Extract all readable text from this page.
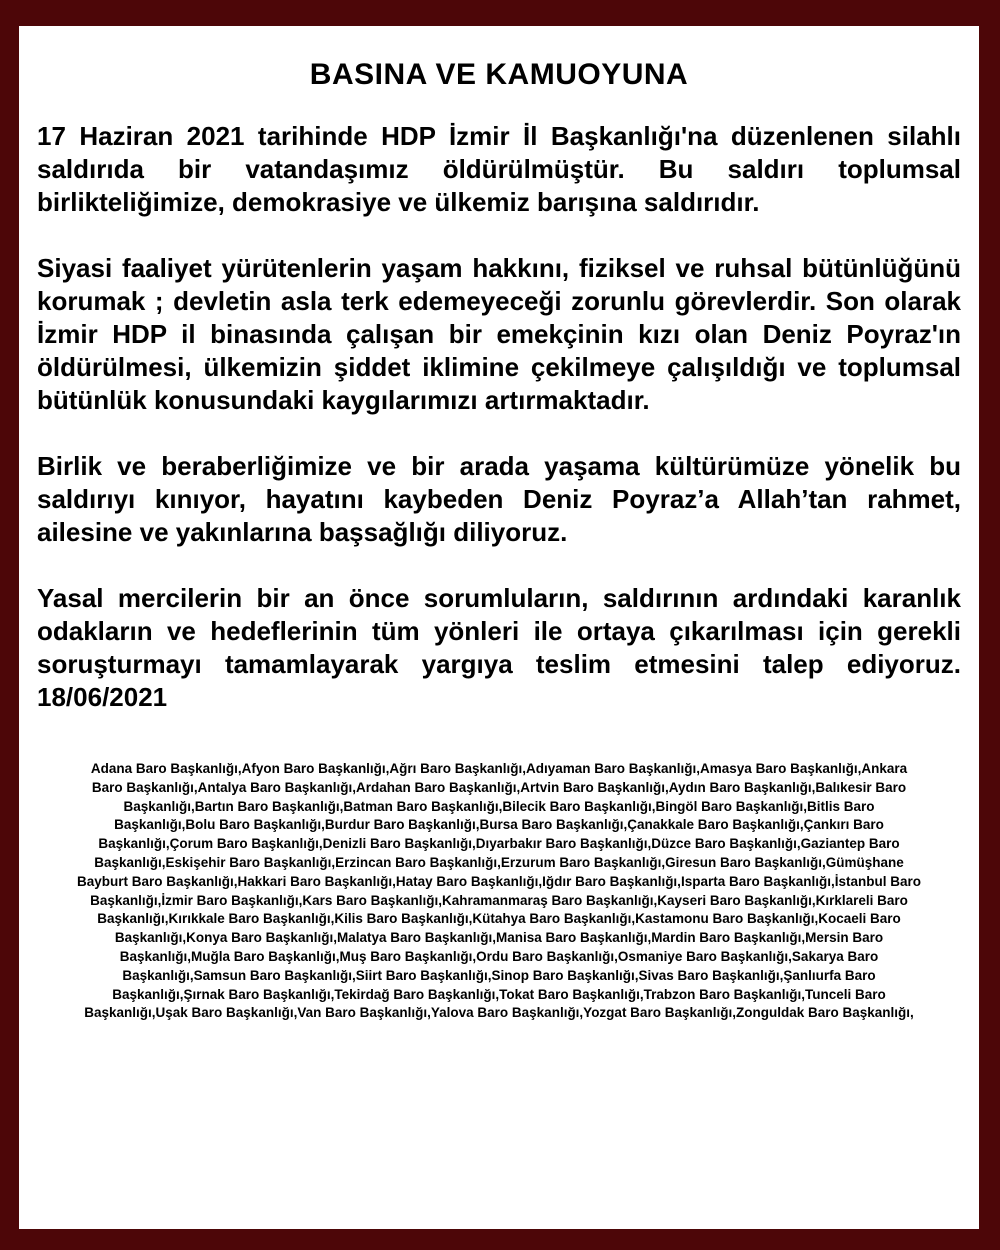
BASINA VE KAMUOYUNA

17 Haziran 2021 tarihinde HDP İzmir İl Başkanlığı'na düzenlenen silahlı saldırıda bir vatandaşımız öldürülmüştür. Bu saldırı toplumsal birlikteliğimize, demokrasiye ve ülkemiz barışına saldırıdır.

Siyasi faaliyet yürütenlerin yaşam hakkını, fiziksel ve ruhsal bütünlüğünü korumak ; devletin asla terk edemeyeceği zorunlu görevlerdir. Son olarak İzmir HDP il binasında çalışan bir emekçinin kızı olan Deniz Poyraz'ın öldürülmesi, ülkemizin şiddet iklimine çekilmeye çalışıldığı ve toplumsal bütünlük konusundaki kaygılarımızı artırmaktadır.

Birlik ve beraberliğimize ve bir arada yaşama kültürümüze yönelik bu saldırıyı kınıyor, hayatını kaybeden Deniz Poyraz’a Allah’tan rahmet, ailesine ve yakınlarına başsağlığı diliyoruz.

Yasal mercilerin bir an önce sorumluların, saldırının ardındaki karanlık odakların ve hedeflerinin tüm yönleri ile ortaya çıkarılması için gerekli soruşturmayı tamamlayarak yargıya teslim etmesini talep ediyoruz. 18/06/2021

Adana Baro Başkanlığı,Afyon Baro Başkanlığı,Ağrı Baro Başkanlığı,Adıyaman Baro Başkanlığı,Amasya Baro Başkanlığı,Ankara Baro Başkanlığı,Antalya Baro Başkanlığı,Ardahan Baro Başkanlığı,Artvin Baro Başkanlığı,Aydın Baro Başkanlığı,Balıkesir Baro Başkanlığı,Bartın Baro Başkanlığı,Batman Baro Başkanlığı,Bilecik Baro Başkanlığı,Bingöl Baro Başkanlığı,Bitlis Baro Başkanlığı,Bolu Baro Başkanlığı,Burdur Baro Başkanlığı,Bursa Baro Başkanlığı,Çanakkale Baro Başkanlığı,Çankırı Baro Başkanlığı,Çorum Baro Başkanlığı,Denizli Baro Başkanlığı,Dıyarbakır Baro Başkanlığı,Düzce Baro Başkanlığı,Gaziantep Baro Başkanlığı,Eskişehir Baro Başkanlığı,Erzincan Baro Başkanlığı,Erzurum Baro Başkanlığı,Giresun Baro Başkanlığı,Gümüşhane Bayburt Baro Başkanlığı,Hakkari Baro Başkanlığı,Hatay Baro Başkanlığı,Iğdır Baro Başkanlığı,Isparta Baro Başkanlığı,İstanbul Baro Başkanlığı,İzmir Baro Başkanlığı,Kars Baro Başkanlığı,Kahramanmaraş Baro Başkanlığı,Kayseri Baro Başkanlığı,Kırklareli Baro Başkanlığı,Kırıkkale Baro Başkanlığı,Kilis Baro Başkanlığı,Kütahya Baro Başkanlığı,Kastamonu Baro Başkanlığı,Kocaeli Baro Başkanlığı,Konya Baro Başkanlığı,Malatya Baro Başkanlığı,Manisa Baro Başkanlığı,Mardin Baro Başkanlığı,Mersin Baro Başkanlığı,Muğla Baro Başkanlığı,Muş Baro Başkanlığı,Ordu Baro Başkanlığı,Osmaniye Baro Başkanlığı,Sakarya Baro Başkanlığı,Samsun Baro Başkanlığı,Siirt Baro Başkanlığı,Sinop Baro Başkanlığı,Sivas Baro Başkanlığı,Şanlıurfa Baro Başkanlığı,Şırnak Baro Başkanlığı,Tekirdağ Baro Başkanlığı,Tokat Baro Başkanlığı,Trabzon Baro Başkanlığı,Tunceli Baro Başkanlığı,Uşak Baro Başkanlığı,Van Baro Başkanlığı,Yalova Baro Başkanlığı,Yozgat Baro Başkanlığı,Zonguldak Baro Başkanlığı,
